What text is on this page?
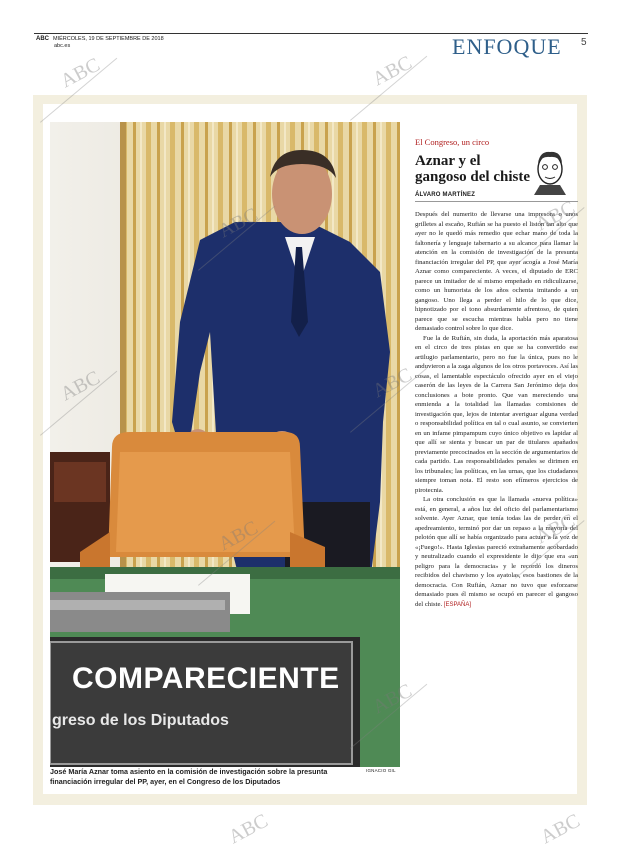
ABC MIÉRCOLES, 19 DE SEPTIEMBRE DE 2018
abc.es	ENFOQUE 5
COMPARECIENTE
greso de los Diputados
IGNACIO GIL
José María Aznar toma asiento en la comisión de investigación sobre la presunta financiación irregular del PP, ayer, en el Congreso de los Diputados
El Congreso, un circo
Aznar y el gangoso del chiste
ÁLVARO MARTÍNEZ

Después del numerito de llevarse una impresora o unos grilletes al escaño, Rufián se ha puesto el listón tan alto que ayer no le quedó más remedio que echar mano de toda la faltonería y lenguaje tabernario a su alcance para llamar la atención en la comisión de investigación de la presunta financiación irregular del PP, que ayer acogía a José María Aznar como compareciente. A veces, el diputado de ERC parece un imitador de sí mismo empeñado en ridiculizarse, como un humorista de los años ochenta imitando a un gangoso. Uno llega a perder el hilo de lo que dice, hipnotizado por el tono absurdamente afrentoso, de quien parece que se escucha mientras habla pero no tiene demasiado control sobre lo que dice.

Fue la de Rufián, sin duda, la aportación más aparatosa en el circo de tres pistas en que se ha convertido ese artilugio parlamentario, pero no fue la única, pues no le anduvieron a la zaga algunos de los otros portavoces. Así las cosas, el lamentable espectáculo ofrecido ayer en el viejo caserón de las leyes de la Carrera San Jerónimo deja dos conclusiones a bote pronto. Que van mereciendo una enmienda a la totalidad las llamadas comisiones de investigación que, lejos de intentar averiguar alguna verdad o responsabilidad política en tal o cual asunto, se convierten en un infame pimpampum cuyo único objetivo es lapidar al que allí se sienta y buscar un par de titulares apañados previamente precocinados en la sección de argumentarios de cada partido. Las responsabilidades penales se dirimen en los tribunales; las políticas, en las urnas, que los ciudadanos siempre toman nota. El resto son efímeros ejercicios de pirotecnia.

La otra conclusión es que la llamada «nueva política» está, en general, a años luz del oficio del parlamentarismo solvente. Ayer Aznar, que tenía todas las de perder en el apedreamiento, terminó por dar un repaso a la mayoría del pelotón que allí se había organizado para actuar a la voz de «¡Fuego!». Hasta Iglesias pareció extrañamente acobardado y neutralizado cuando el expresidente le dijo que era «un peligro para la democracia» y le recordó los dineros recibidos del chavismo y los ayatolas, esos bastiones de la democracia. Con Rufián, Aznar no tuvo que esforzarse demasiado pues él mismo se ocupó en parecer el gangoso del chiste. [ESPAÑA]

ABC	ABC
ABC	ABC
ABC	ABC
ABC	ABC
ABC
ABC	ABC
